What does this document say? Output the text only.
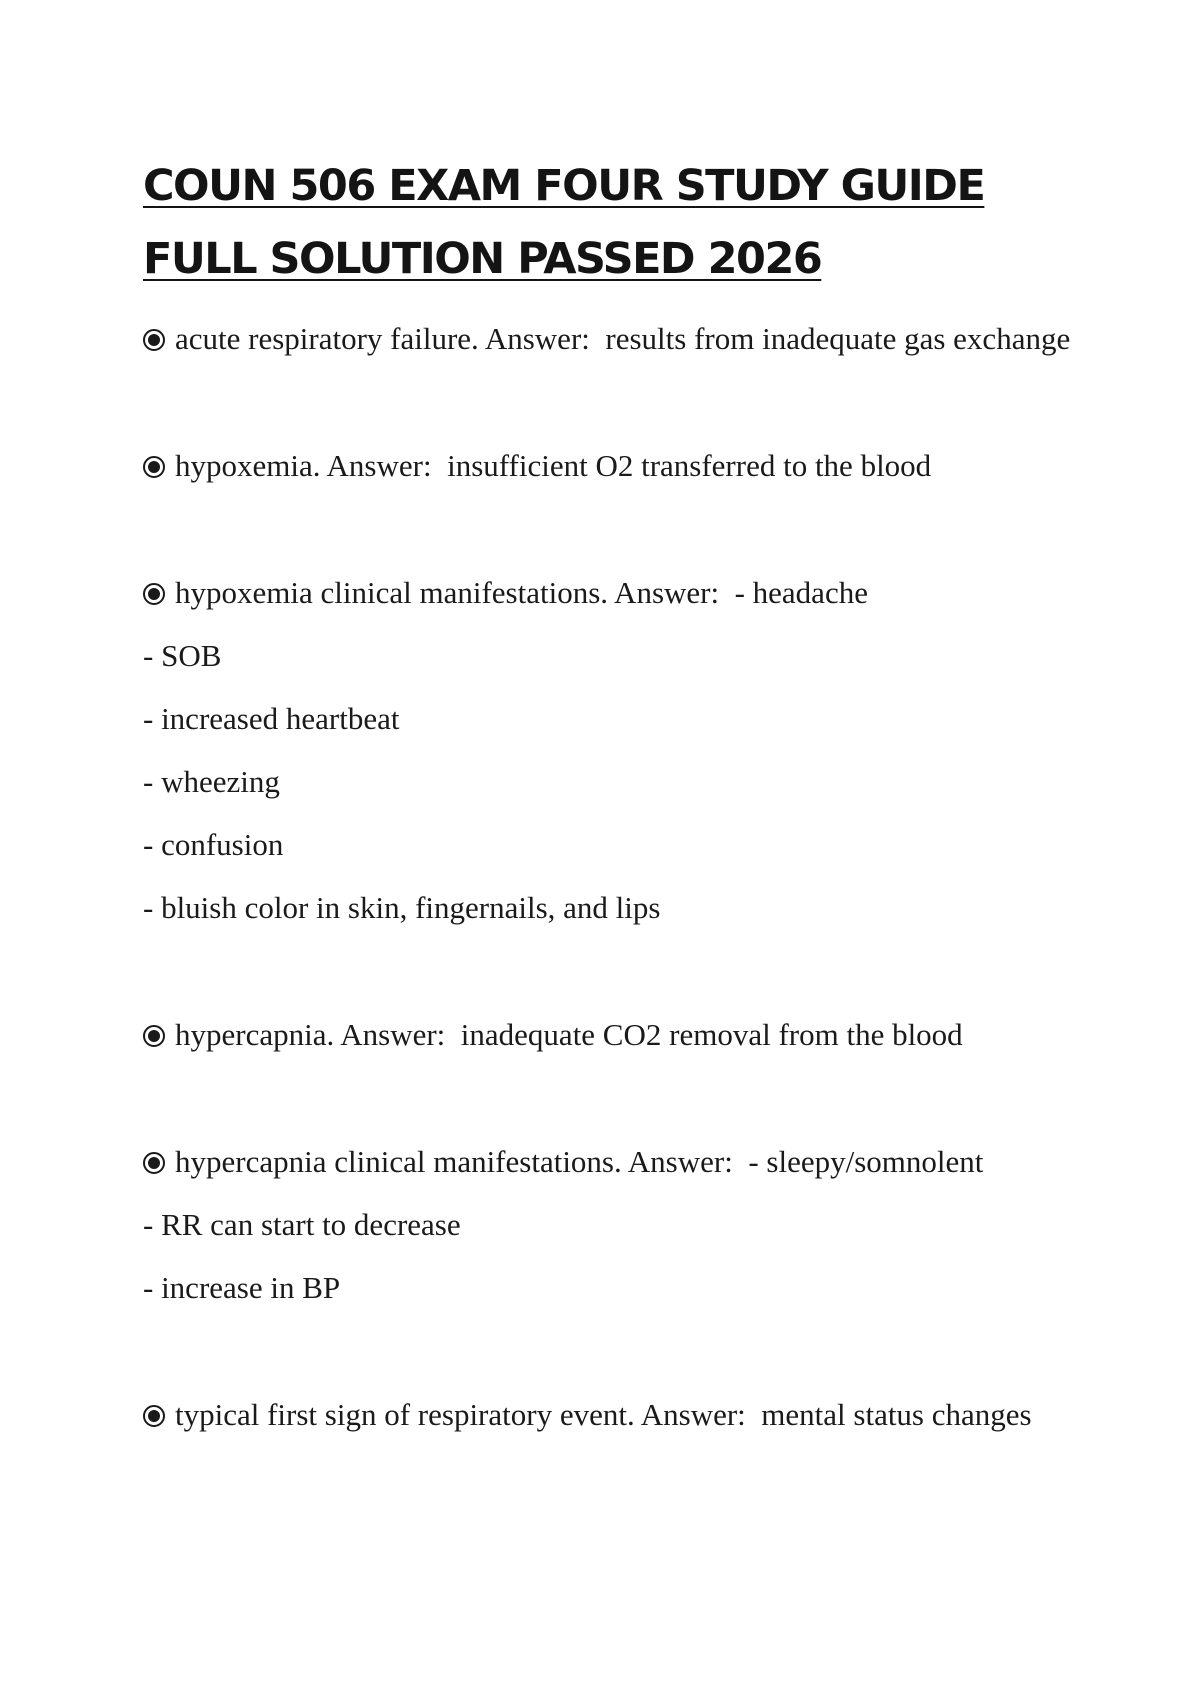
COUN 506 EXAM FOUR STUDY GUIDE FULL SOLUTION PASSED 2026

acute respiratory failure. Answer: results from inadequate gas exchange

hypoxemia. Answer: insufficient O2 transferred to the blood

hypoxemia clinical manifestations. Answer: - headache

- SOB

- increased heartbeat

- wheezing

- confusion

- bluish color in skin, fingernails, and lips

hypercapnia. Answer: inadequate CO2 removal from the blood

hypercapnia clinical manifestations. Answer: - sleepy/somnolent

- RR can start to decrease

- increase in BP

typical first sign of respiratory event. Answer: mental status changes
